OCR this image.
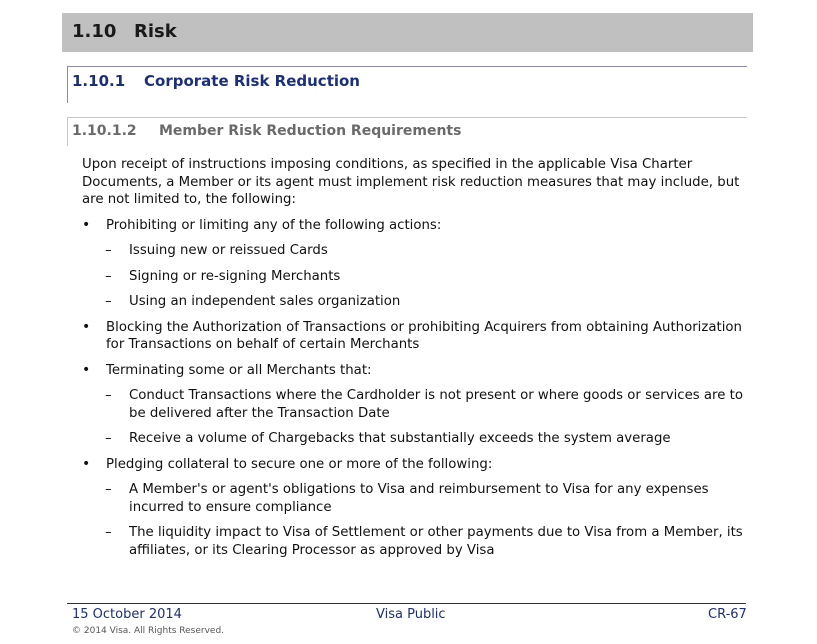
1.10 Risk
1.10.1 Corporate Risk Reduction
1.10.1.2 Member Risk Reduction Requirements

Upon receipt of instructions imposing conditions, as specified in the applicable Visa Charter Documents, a Member or its agent must implement risk reduction measures that may include, but are not limited to, the following:

• Prohibiting or limiting any of the following actions:
– Issuing new or reissued Cards
– Signing or re-signing Merchants
– Using an independent sales organization
• Blocking the Authorization of Transactions or prohibiting Acquirers from obtaining Authorization for Transactions on behalf of certain Merchants
• Terminating some or all Merchants that:
– Conduct Transactions where the Cardholder is not present or where goods or services are to be delivered after the Transaction Date
– Receive a volume of Chargebacks that substantially exceeds the system average
• Pledging collateral to secure one or more of the following:
– A Member's or agent's obligations to Visa and reimbursement to Visa for any expenses incurred to ensure compliance
– The liquidity impact to Visa of Settlement or other payments due to Visa from a Member, its affiliates, or its Clearing Processor as approved by Visa
15 October 2014	Visa Public	CR-67
© 2014 Visa. All Rights Reserved.
